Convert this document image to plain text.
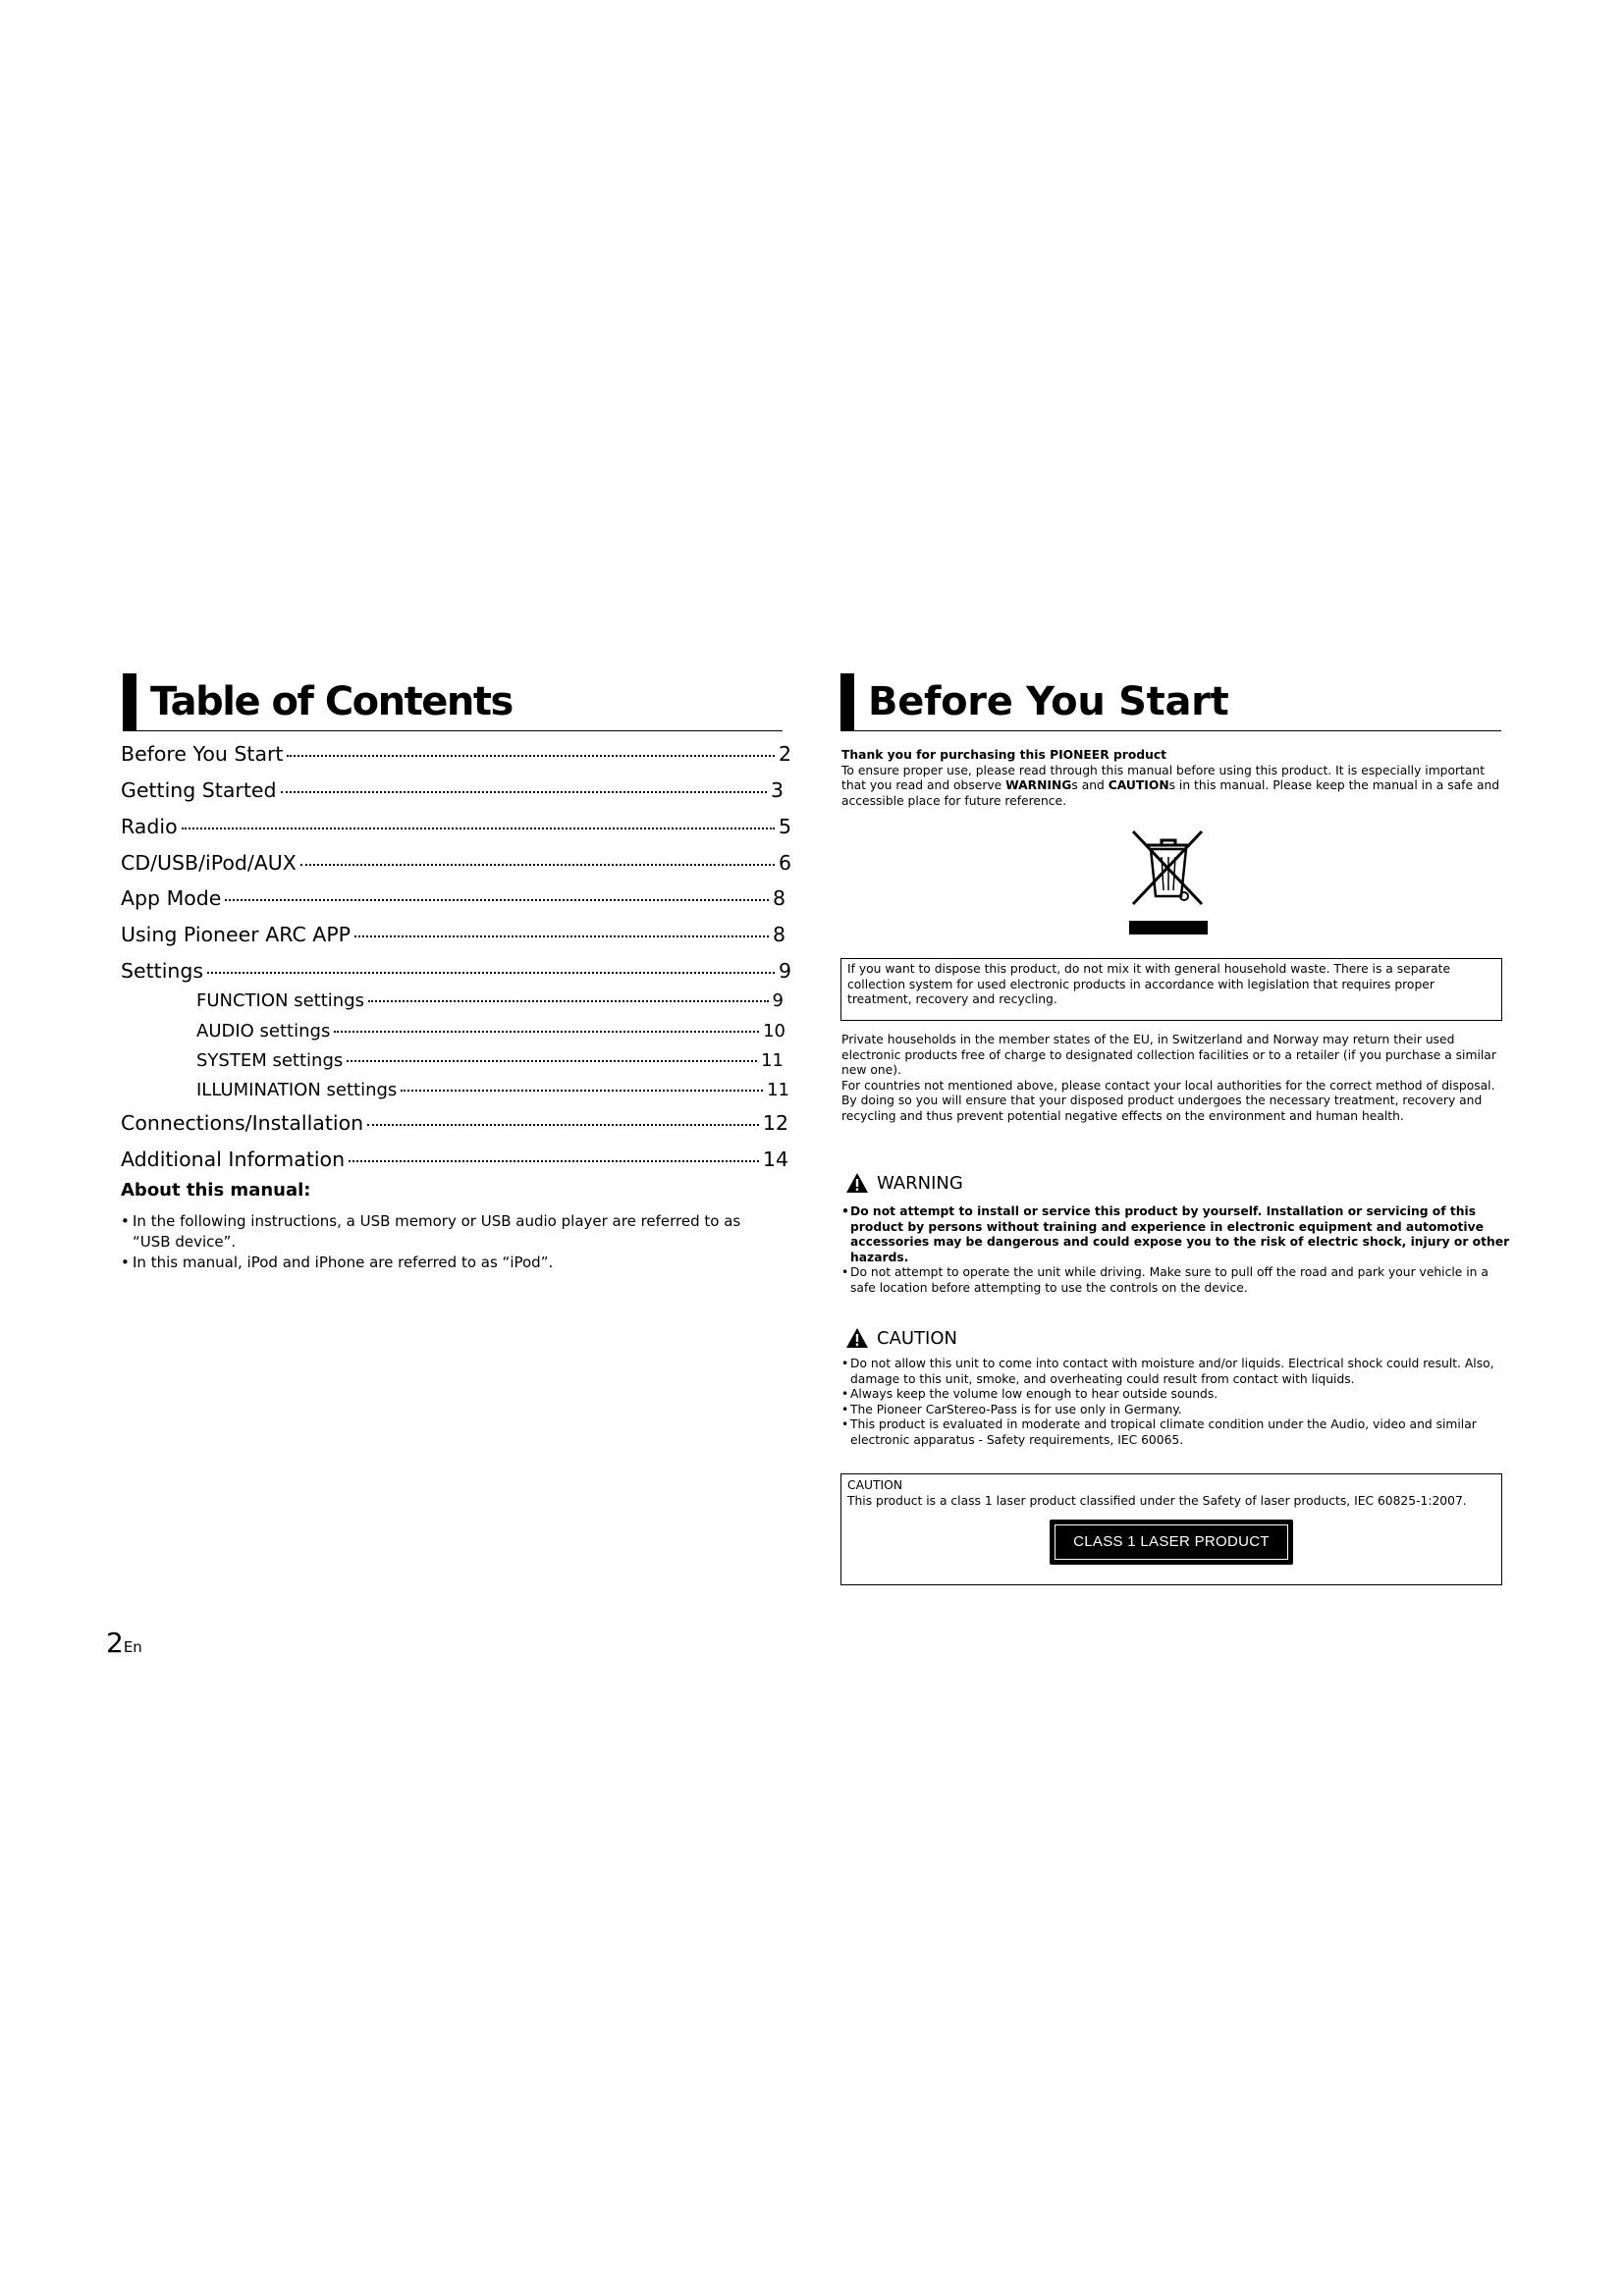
Table of Contents
Before You Start	2
Getting Started	3
Radio	5
CD/USB/iPod/AUX	6
App Mode	8
Using Pioneer ARC APP	8
Settings	9
FUNCTION settings	9
AUDIO settings	10
SYSTEM settings	11
ILLUMINATION settings	11
Connections/Installation	12
Additional Information	14
About this manual:
• In the following instructions, a USB memory or USB audio player are referred to as “USB device”.
• In this manual, iPod and iPhone are referred to as “iPod”.
2En
Before You Start
Thank you for purchasing this PIONEER product
To ensure proper use, please read through this manual before using this product. It is especially important that you read and observe WARNINGs and CAUTIONs in this manual. Please keep the manual in a safe and accessible place for future reference.
If you want to dispose this product, do not mix it with general household waste. There is a separate collection system for used electronic products in accordance with legislation that requires proper treatment, recovery and recycling.
Private households in the member states of the EU, in Switzerland and Norway may return their used electronic products free of charge to designated collection facilities or to a retailer (if you purchase a similar new one).
For countries not mentioned above, please contact your local authorities for the correct method of disposal.
By doing so you will ensure that your disposed product undergoes the necessary treatment, recovery and recycling and thus prevent potential negative effects on the environment and human health.
WARNING
• Do not attempt to install or service this product by yourself. Installation or servicing of this product by persons without training and experience in electronic equipment and automotive accessories may be dangerous and could expose you to the risk of electric shock, injury or other hazards.
• Do not attempt to operate the unit while driving. Make sure to pull off the road and park your vehicle in a safe location before attempting to use the controls on the device.
CAUTION
• Do not allow this unit to come into contact with moisture and/or liquids. Electrical shock could result. Also, damage to this unit, smoke, and overheating could result from contact with liquids.
• Always keep the volume low enough to hear outside sounds.
• The Pioneer CarStereo-Pass is for use only in Germany.
• This product is evaluated in moderate and tropical climate condition under the Audio, video and similar electronic apparatus - Safety requirements, IEC 60065.
CAUTION
This product is a class 1 laser product classified under the Safety of laser products, IEC 60825-1:2007.
CLASS 1 LASER PRODUCT
